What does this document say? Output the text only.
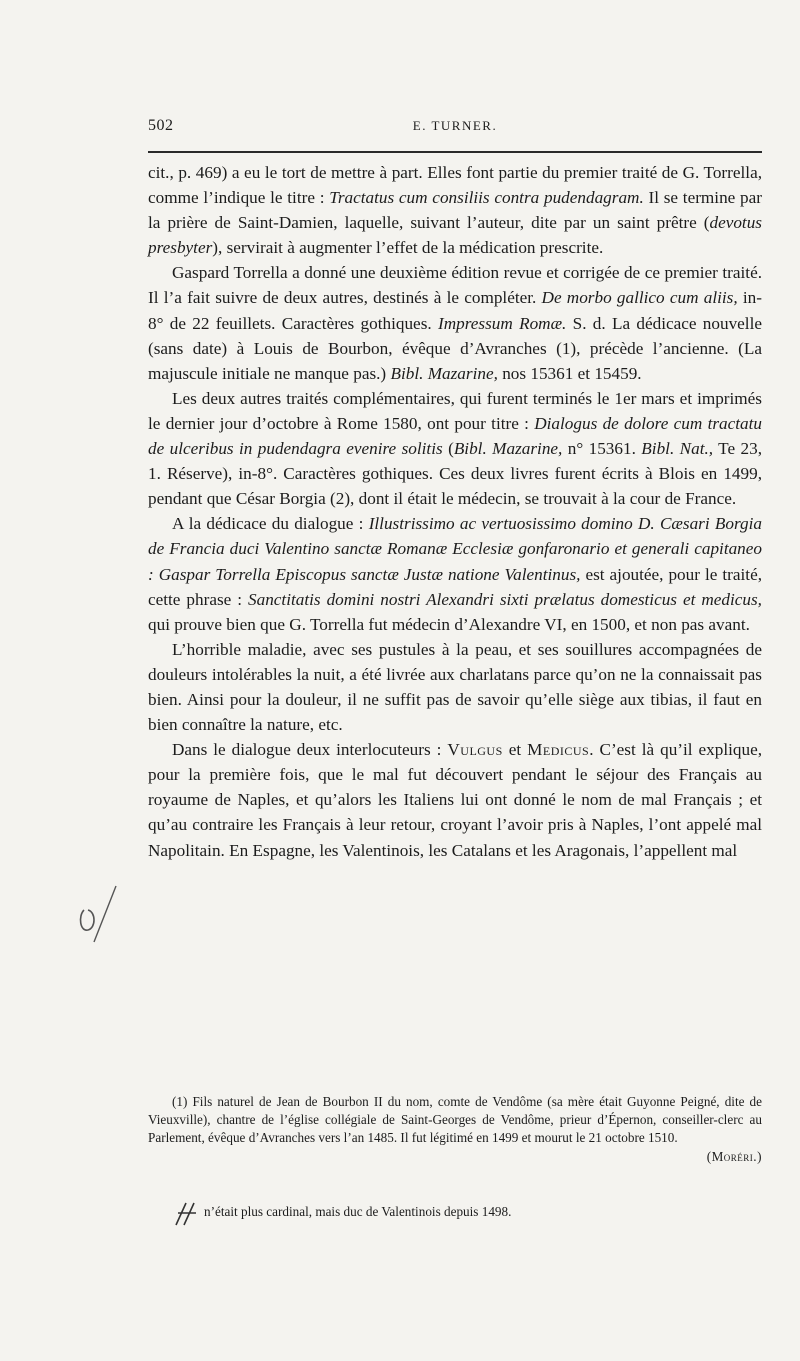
502	E. TURNER.

cit., p. 469) a eu le tort de mettre à part. Elles font partie du premier traité de G. Torrella, comme l’indique le titre : Tractatus cum consiliis contra pudendagram. Il se termine par la prière de Saint-Damien, laquelle, suivant l’auteur, dite par un saint prêtre (devotus presbyter), servirait à augmenter l’effet de la médication prescrite.

Gaspard Torrella a donné une deuxième édition revue et corrigée de ce premier traité. Il l’a fait suivre de deux autres, destinés à le compléter. De morbo gallico cum aliis, in-8° de 22 feuillets. Caractères gothiques. Impressum Romæ. S. d. La dédicace nouvelle (sans date) à Louis de Bourbon, évêque d’Avranches (1), précède l’ancienne. (La majuscule initiale ne manque pas.) Bibl. Mazarine, nos 15361 et 15459.

Les deux autres traités complémentaires, qui furent terminés le 1er mars et imprimés le dernier jour d’octobre à Rome 1580, ont pour titre : Dialogus de dolore cum tractatu de ulceribus in pudendagra evenire solitis (Bibl. Mazarine, n° 15361. Bibl. Nat., Te 23, 1. Réserve), in-8°. Caractères gothiques. Ces deux livres furent écrits à Blois en 1499, pendant que César Borgia (2), dont il était le médecin, se trouvait à la cour de France.

A la dédicace du dialogue : Illustrissimo ac vertuosissimo domino D. Cæsari Borgia de Francia duci Valentino sanctæ Romanæ Ecclesiæ gonfaronario et generali capitaneo : Gaspar Torrella Episcopus sanctæ Justæ natione Valentinus, est ajoutée, pour le traité, cette phrase : Sanctitatis domini nostri Alexandri sixti prælatus domesticus et medicus, qui prouve bien que G. Torrella fut médecin d’Alexandre VI, en 1500, et non pas avant.

L’horrible maladie, avec ses pustules à la peau, et ses souillures accompagnées de douleurs intolérables la nuit, a été livrée aux charlatans parce qu’on ne la connaissait pas bien. Ainsi pour la douleur, il ne suffit pas de savoir qu’elle siège aux tibias, il faut en bien connaître la nature, etc.

Dans le dialogue deux interlocuteurs : Vulgus et Medicus. C’est là qu’il explique, pour la première fois, que le mal fut découvert pendant le séjour des Français au royaume de Naples, et qu’alors les Italiens lui ont donné le nom de mal Français ; et qu’au contraire les Français à leur retour, croyant l’avoir pris à Naples, l’ont appelé mal Napolitain. En Espagne, les Valentinois, les Catalans et les Aragonais, l’appellent mal

(1) Fils naturel de Jean de Bourbon II du nom, comte de Vendôme (sa mère était Guyonne Peigné, dite de Vieuxville), chantre de l’église collégiale de Saint-Georges de Vendôme, prieur d’Épernon, conseiller-clerc au Parlement, évêque d’Avranches vers l’an 1485. Il fut légitimé en 1499 et mourut le 21 octobre 1510.

(Moréri.)

n’était plus cardinal, mais duc de Valentinois depuis 1498.
